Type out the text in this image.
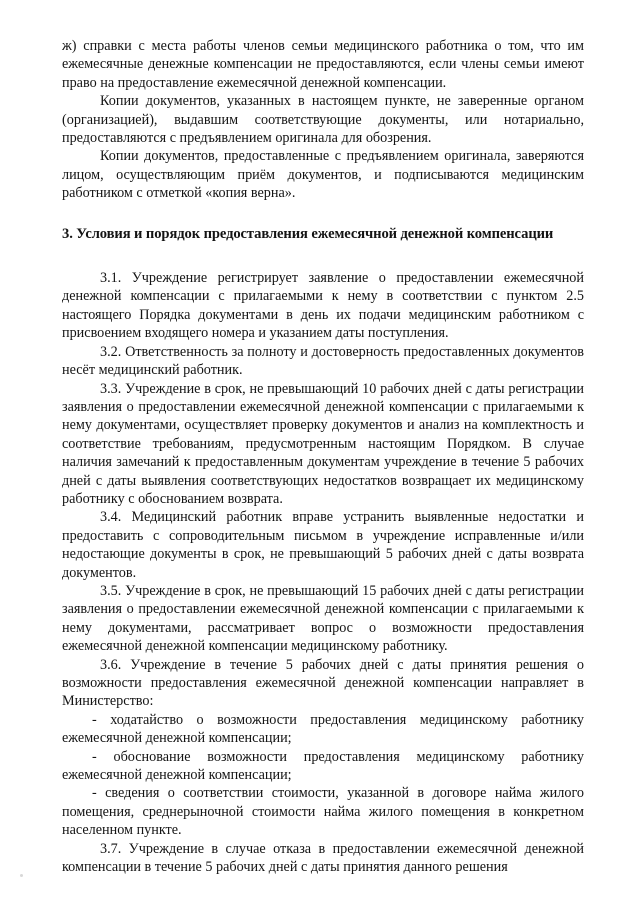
ж) справки с места работы членов семьи медицинского работника о том, что им ежемесячные денежные компенсации не предоставляются, если члены семьи имеют право на предоставление ежемесячной денежной компенсации.

Копии документов, указанных в настоящем пункте, не заверенные органом (организацией), выдавшим соответствующие документы, или нотариально, предоставляются с предъявлением оригинала для обозрения.

Копии документов, предоставленные с предъявлением оригинала, заверяются лицом, осуществляющим приём документов, и подписываются медицинским работником с отметкой «копия верна».

3. Условия и порядок предоставления ежемесячной денежной компенсации

3.1. Учреждение регистрирует заявление о предоставлении ежемесячной денежной компенсации с прилагаемыми к нему в соответствии с пунктом 2.5 настоящего Порядка документами в день их подачи медицинским работником с присвоением входящего номера и указанием даты поступления.

3.2. Ответственность за полноту и достоверность предоставленных документов несёт медицинский работник.

3.3. Учреждение в срок, не превышающий 10 рабочих дней с даты регистрации заявления о предоставлении ежемесячной денежной компенсации с прилагаемыми к нему документами, осуществляет проверку документов и анализ на комплектность и соответствие требованиям, предусмотренным настоящим Порядком. В случае наличия замечаний к предоставленным документам учреждение в течение 5 рабочих дней с даты выявления соответствующих недостатков возвращает их медицинскому работнику с обоснованием возврата.

3.4. Медицинский работник вправе устранить выявленные недостатки и предоставить с сопроводительным письмом в учреждение исправленные и/или недостающие документы в срок, не превышающий 5 рабочих дней с даты возврата документов.

3.5. Учреждение в срок, не превышающий 15 рабочих дней с даты регистрации заявления о предоставлении ежемесячной денежной компенсации с прилагаемыми к нему документами, рассматривает вопрос о возможности предоставления ежемесячной денежной компенсации медицинскому работнику.

3.6. Учреждение в течение 5 рабочих дней с даты принятия решения о возможности предоставления ежемесячной денежной компенсации направляет в Министерство:

- ходатайство о возможности предоставления медицинскому работнику ежемесячной денежной компенсации;

- обоснование возможности предоставления медицинскому работнику ежемесячной денежной компенсации;

- сведения о соответствии стоимости, указанной в договоре найма жилого помещения, среднерыночной стоимости найма жилого помещения в конкретном населенном пункте.

3.7. Учреждение в случае отказа в предоставлении ежемесячной денежной компенсации в течение 5 рабочих дней с даты принятия данного решения
